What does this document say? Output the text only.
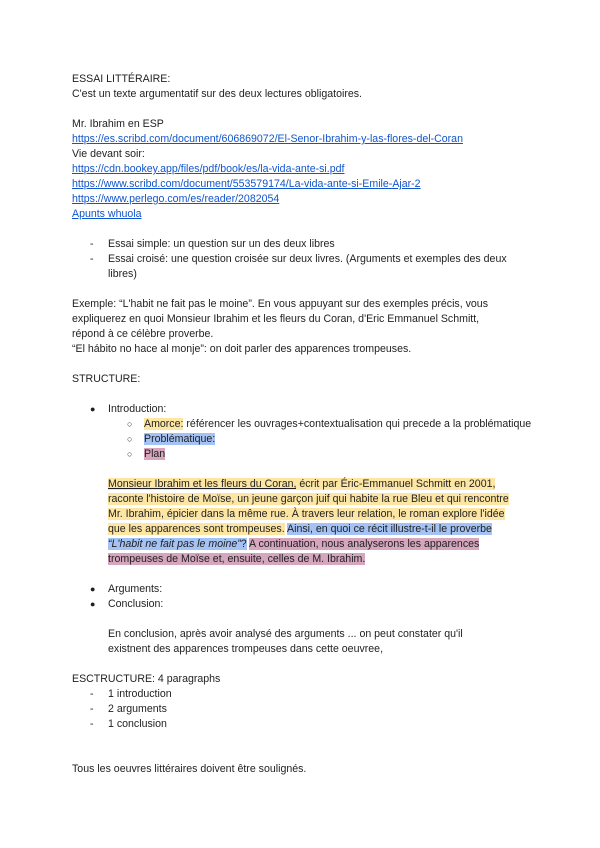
ESSAI LITTÉRAIRE:
C'est un texte argumentatif sur des deux lectures obligatoires.
Mr. Ibrahim en ESP
https://es.scribd.com/document/606869072/El-Senor-Ibrahim-y-las-flores-del-Coran
Vie devant soir:
https://cdn.bookey.app/files/pdf/book/es/la-vida-ante-si.pdf
https://www.scribd.com/document/553579174/La-vida-ante-si-Emile-Ajar-2
https://www.perlego.com/es/reader/2082054
Apunts whuola
- Essai simple: un question sur un des deux libres
- Essai croisé: une question croisée sur deux livres. (Arguments et exemples des deux libres)
Exemple: “L'habit ne fait pas le moine”. En vous appuyant sur des exemples précis, vous
expliquerez en quoi Monsieur Ibrahim et les fleurs du Coran, d'Eric Emmanuel Schmitt,
répond à ce célèbre proverbe.
“El hábito no hace al monje”: on doit parler des apparences trompeuses.
STRUCTURE:
● Introduction:
○ Amorce: référencer les ouvrages+contextualisation qui precede a la problématique
○ Problématique:
○ Plan
Monsieur Ibrahim et les fleurs du Coran, écrit par Éric-Emmanuel Schmitt en 2001, raconte l'histoire de Moïse, un jeune garçon juif qui habite la rue Bleu et qui rencontre Mr. Ibrahim, épicier dans la même rue. À travers leur relation, le roman explore l'idée que les apparences sont trompeuses. Ainsi, en quoi ce récit illustre-t-il le proverbe “L'habit ne fait pas le moine”? A continuation, nous analyserons les apparences trompeuses de Moïse et, ensuite, celles de M. Ibrahim.
● Arguments:
● Conclusion:
En conclusion, après avoir analysé des arguments ... on peut constater qu'il existnent des apparences trompeuses dans cette oeuvree,
ESCTRUCTURE: 4 paragraphs
- 1 introduction
- 2 arguments
- 1 conclusion
Tous les oeuvres littéraires doivent être soulignés.
